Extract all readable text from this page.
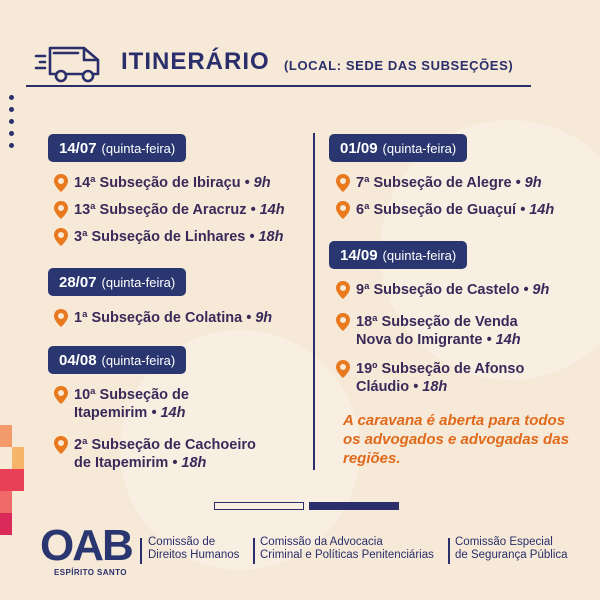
ITINERÁRIO (LOCAL: SEDE DAS SUBSEÇÕES)
14/07 (quinta-feira)
14ª Subseção de Ibiraçu • 9h
13ª Subseção de Aracruz • 14h
3ª Subseção de Linhares • 18h
28/07 (quinta-feira)
1ª Subseção de Colatina • 9h
04/08 (quinta-feira)
10ª Subseção de
Itapemirim • 14h
2ª Subseção de Cachoeiro
de Itapemirim • 18h
01/09 (quinta-feira)
7ª Subseção de Alegre • 9h
6ª Subseção de Guaçuí • 14h
14/09 (quinta-feira)
9ª Subseção de Castelo • 9h
18ª Subseção de Venda
Nova do Imigrante • 14h
19º Subseção de Afonso
Cláudio • 18h
A caravana é aberta para todos os advogados e advogadas das regiões.
OAB
ESPÍRITO SANTO
Comissão de
Direitos Humanos
Comissão da Advocacia
Criminal e Políticas Penitenciárias
Comissão Especial
de Segurança Pública
